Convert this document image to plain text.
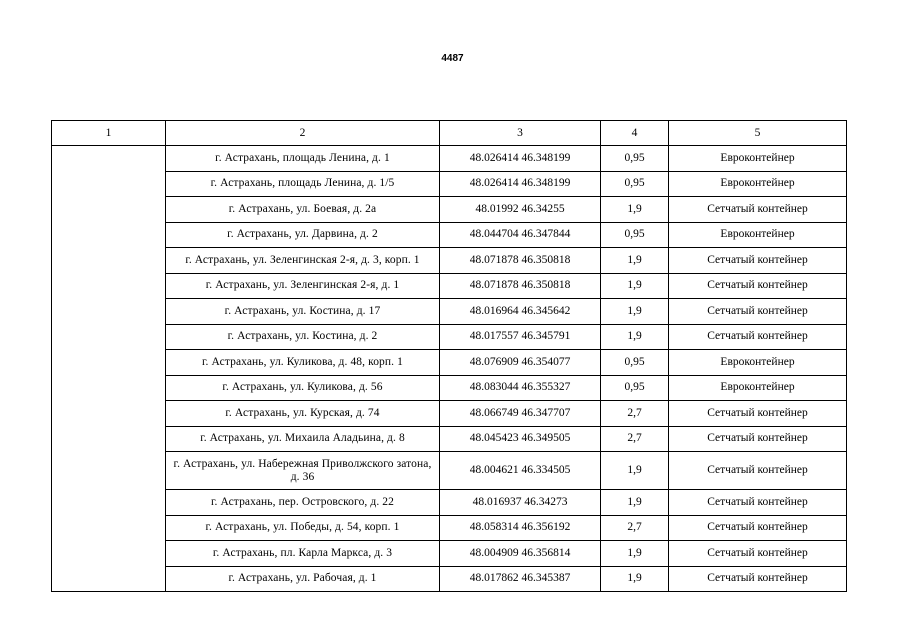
4487
1	2	3	4	5
	г. Астрахань, площадь Ленина, д. 1	48.026414 46.348199	0,95	Евроконтейнер
	г. Астрахань, площадь Ленина, д. 1/5	48.026414 46.348199	0,95	Евроконтейнер
	г. Астрахань, ул. Боевая, д. 2а	48.01992 46.34255	1,9	Сетчатый контейнер
	г. Астрахань, ул. Дарвина, д. 2	48.044704 46.347844	0,95	Евроконтейнер
	г. Астрахань, ул. Зеленгинская 2-я, д. 3, корп. 1	48.071878 46.350818	1,9	Сетчатый контейнер
	г. Астрахань, ул. Зеленгинская 2-я, д. 1	48.071878 46.350818	1,9	Сетчатый контейнер
	г. Астрахань, ул. Костина, д. 17	48.016964 46.345642	1,9	Сетчатый контейнер
	г. Астрахань, ул. Костина, д. 2	48.017557 46.345791	1,9	Сетчатый контейнер
	г. Астрахань, ул. Куликова, д. 48, корп. 1	48.076909 46.354077	0,95	Евроконтейнер
	г. Астрахань, ул. Куликова, д. 56	48.083044 46.355327	0,95	Евроконтейнер
	г. Астрахань, ул. Курская, д. 74	48.066749 46.347707	2,7	Сетчатый контейнер
	г. Астрахань, ул. Михаила Аладьина, д. 8	48.045423 46.349505	2,7	Сетчатый контейнер
	г. Астрахань, ул. Набережная Приволжского затона, д. 36	48.004621 46.334505	1,9	Сетчатый контейнер
	г. Астрахань, пер. Островского, д. 22	48.016937 46.34273	1,9	Сетчатый контейнер
	г. Астрахань, ул. Победы, д. 54, корп. 1	48.058314 46.356192	2,7	Сетчатый контейнер
	г. Астрахань, пл. Карла Маркса, д. 3	48.004909 46.356814	1,9	Сетчатый контейнер
	г. Астрахань, ул. Рабочая, д. 1	48.017862 46.345387	1,9	Сетчатый контейнер
